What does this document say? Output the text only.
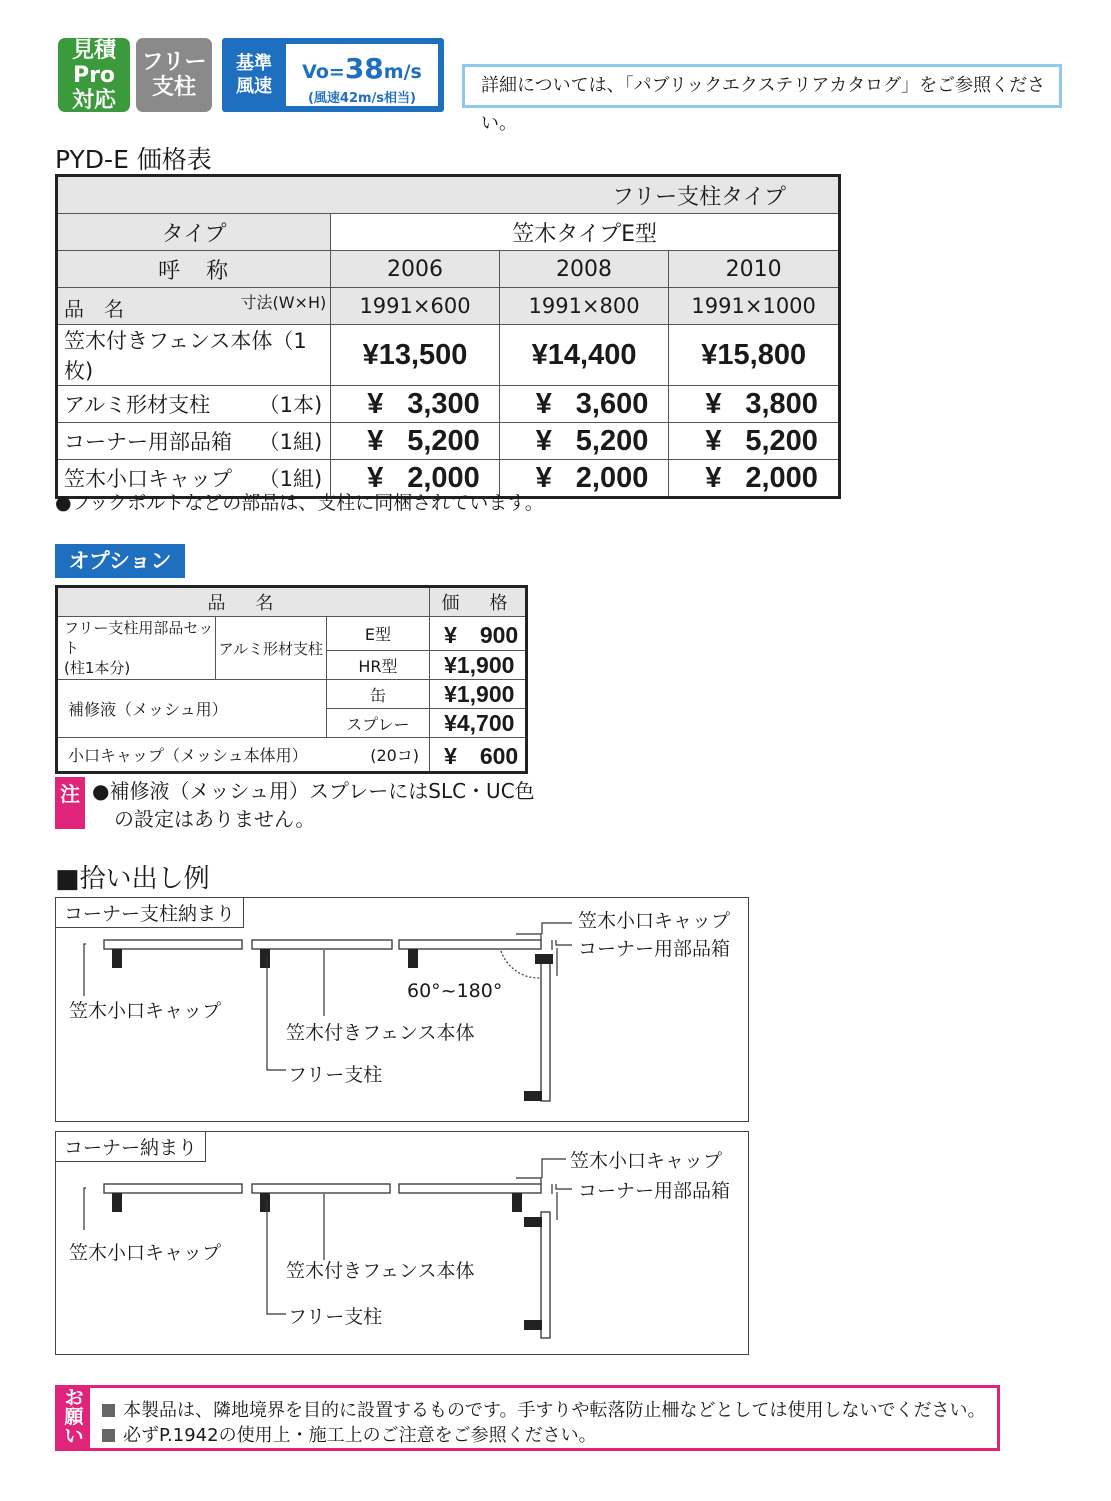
見積Pro
対応
フリー
支柱
基準
風速
Vo=38m/s
(風速42m/s相当)
詳細については、「パブリックエクステリアカタログ」をご参照ください。
PYD-E 価格表
フリー支柱タイプ			
タイプ	笠木タイプE型		
呼　称	2006	2008	2010

品　名 寸法(W×H)	1991×600	1991×800	1991×1000
笠木付きフェンス本体（1枚)	¥13,500	¥14,400	¥15,800
アルミ形材支柱 （1本)	¥ 3,300	¥ 3,600	¥ 3,800
コーナー用部品箱 （1組)	¥ 5,200	¥ 5,200	¥ 5,200
笠木小口キャップ （1組)	¥ 2,000	¥ 2,000	¥ 2,000
●フックボルトなどの部品は、支柱に同梱されています。
オプション
品　名			価　格

フリー支柱用部品セット
(柱1本分)	アルミ形材支柱	E型	¥　900
		HR型	¥1,900
補修液（メッシュ用）		缶	¥1,900
		スプレー	¥4,700
小口キャップ（メッシュ本体用） (20コ)			¥　600
注 ●補修液（メッシュ用）スプレーにはSLC・UC色
の設定はありません。
■拾い出し例
コーナー支柱納まり	笠木小口キャップ
コーナー用部品箱
60°~180°
笠木小口キャップ
笠木付きフェンス本体
フリー支柱
コーナー納まり
笠木小口キャップ
コーナー用部品箱
笠木小口キャップ
笠木付きフェンス本体
フリー支柱
お願い
本製品は、隣地境界を目的に設置するものです。手すりや転落防止柵などとしては使用しないでください。
必ずP.1942の使用上・施工上のご注意をご参照ください。
